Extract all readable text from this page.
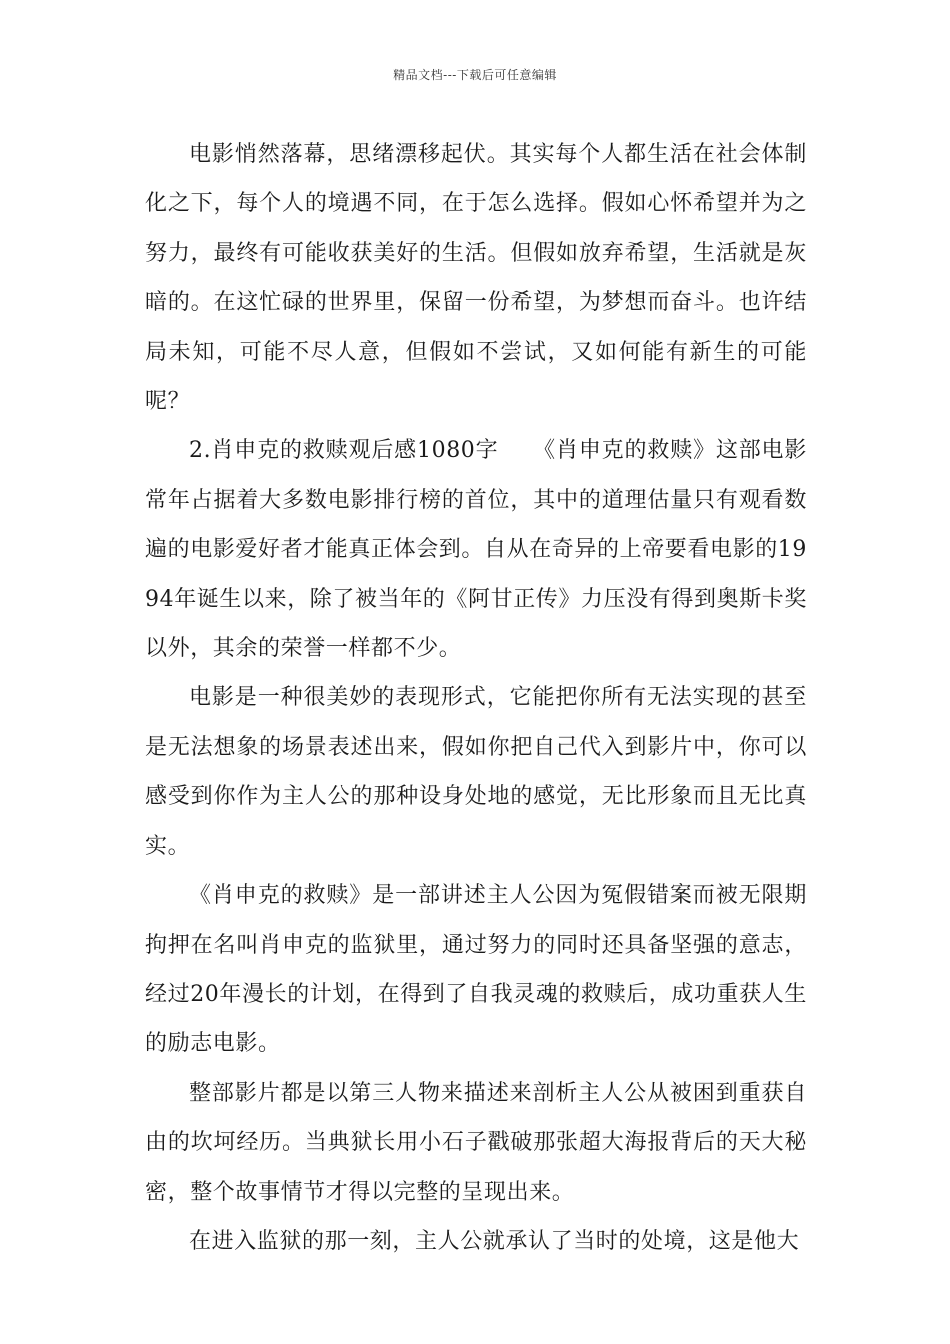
精品文档---下载后可任意编辑

电影悄然落幕，思绪漂移起伏。其实每个人都生活在社会体制化之下，每个人的境遇不同，在于怎么选择。假如心怀希望并为之努力，最终有可能收获美好的生活。但假如放弃希望，生活就是灰暗的。在这忙碌的世界里，保留一份希望，为梦想而奋斗。也许结局未知，可能不尽人意，但假如不尝试，又如何能有新生的可能呢？

2.肖申克的救赎观后感1080字　　《肖申克的救赎》这部电影常年占据着大多数电影排行榜的首位，其中的道理估量只有观看数遍的电影爱好者才能真正体会到。自从在奇异的上帝要看电影的1994年诞生以来，除了被当年的《阿甘正传》力压没有得到奥斯卡奖以外，其余的荣誉一样都不少。

电影是一种很美妙的表现形式，它能把你所有无法实现的甚至是无法想象的场景表述出来，假如你把自己代入到影片中，你可以感受到你作为主人公的那种设身处地的感觉，无比形象而且无比真实。

《肖申克的救赎》是一部讲述主人公因为冤假错案而被无限期拘押在名叫肖申克的监狱里，通过努力的同时还具备坚强的意志，经过20年漫长的计划，在得到了自我灵魂的救赎后，成功重获人生的励志电影。

整部影片都是以第三人物来描述来剖析主人公从被困到重获自由的坎坷经历。当典狱长用小石子戳破那张超大海报背后的天大秘密，整个故事情节才得以完整的呈现出来。

在进入监狱的那一刻，主人公就承认了当时的处境，这是他大
